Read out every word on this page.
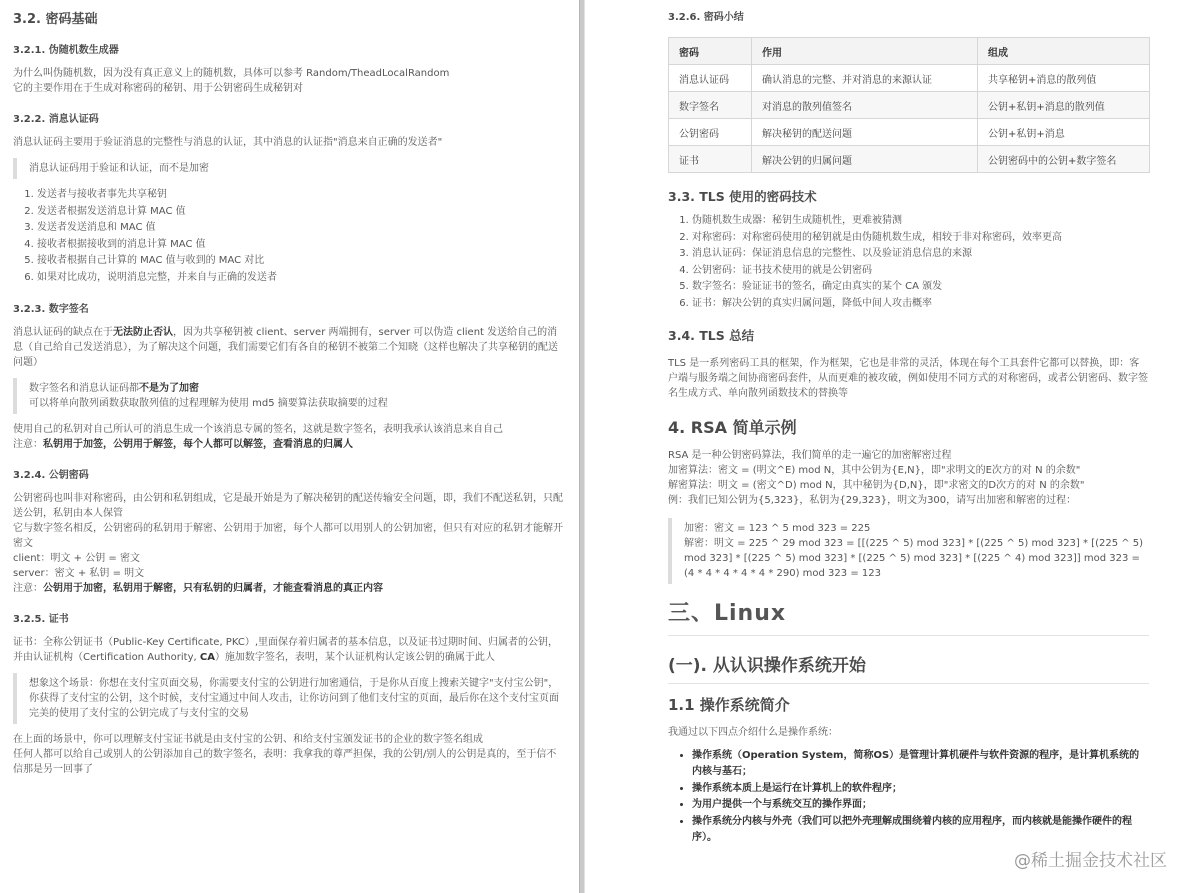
3.2. 密码基础
3.2.1. 伪随机数生成器

为什么叫伪随机数，因为没有真正意义上的随机数，具体可以参考 Random/TheadLocalRandom

它的主要作用在于生成对称密码的秘钥、用于公钥密码生成秘钥对

3.2.2. 消息认证码

消息认证码主要用于验证消息的完整性与消息的认证，其中消息的认证指"消息来自正确的发送者"

消息认证码用于验证和认证，而不是加密
1. 发送者与接收者事先共享秘钥
2. 发送者根据发送消息计算 MAC 值
3. 发送者发送消息和 MAC 值
4. 接收者根据接收到的消息计算 MAC 值
5. 接收者根据自己计算的 MAC 值与收到的 MAC 对比
6. 如果对比成功，说明消息完整，并来自与正确的发送者
3.2.3. 数字签名

消息认证码的缺点在于无法防止否认，因为共享秘钥被 client、server 两端拥有，server 可以伪造 client 发送给自己的消息（自己给自己发送消息），为了解决这个问题，我们需要它们有各自的秘钥不被第二个知晓（这样也解决了共享秘钥的配送问题）

数字签名和消息认证码都不是为了加密
可以将单向散列函数获取散列值的过程理解为使用 md5 摘要算法获取摘要的过程

使用自己的私钥对自己所认可的消息生成一个该消息专属的签名，这就是数字签名，表明我承认该消息来自自己

注意：私钥用于加签，公钥用于解签，每个人都可以解签，查看消息的归属人

3.2.4. 公钥密码

公钥密码也叫非对称密码，由公钥和私钥组成，它是最开始是为了解决秘钥的配送传输安全问题，即，我们不配送私钥，只配送公钥，私钥由本人保管

它与数字签名相反，公钥密码的私钥用于解密、公钥用于加密，每个人都可以用别人的公钥加密，但只有对应的私钥才能解开密文

client：明文 + 公钥 = 密文

server：密文 + 私钥 = 明文

注意：公钥用于加密，私钥用于解密，只有私钥的归属者，才能查看消息的真正内容

3.2.5. 证书

证书：全称公钥证书（Public-Key Certificate, PKC）,里面保存着归属者的基本信息，以及证书过期时间、归属者的公钥，并由认证机构（Certification Authority, CA）施加数字签名，表明，某个认证机构认定该公钥的确属于此人

想象这个场景：你想在支付宝页面交易，你需要支付宝的公钥进行加密通信，于是你从百度上搜索关键字"支付宝公钥"，你获得了支付宝的公钥，这个时候，支付宝通过中间人攻击，让你访问到了他们支付宝的页面，最后你在这个支付宝页面完美的使用了支付宝的公钥完成了与支付宝的交易

在上面的场景中，你可以理解支付宝证书就是由支付宝的公钥、和给支付宝颁发证书的企业的数字签名组成

任何人都可以给自己或别人的公钥添加自己的数字签名，表明：我拿我的尊严担保，我的公钥/别人的公钥是真的，至于信不信那是另一回事了

3.2.6. 密码小结
密码	作用	组成
消息认证码	确认消息的完整、并对消息的来源认证	共享秘钥+消息的散列值
数字签名	对消息的散列值签名	公钥+私钥+消息的散列值
公钥密码	解决秘钥的配送问题	公钥+私钥+消息
证书	解决公钥的归属问题	公钥密码中的公钥+数字签名
3.3. TLS 使用的密码技术
1. 伪随机数生成器：秘钥生成随机性，更难被猜测
2. 对称密码：对称密码使用的秘钥就是由伪随机数生成，相较于非对称密码，效率更高
3. 消息认证码：保证消息信息的完整性、以及验证消息信息的来源
4. 公钥密码：证书技术使用的就是公钥密码
5. 数字签名：验证证书的签名，确定由真实的某个 CA 颁发
6. 证书：解决公钥的真实归属问题，降低中间人攻击概率
3.4. TLS 总结

TLS 是一系列密码工具的框架，作为框架，它也是非常的灵活，体现在每个工具套件它都可以替换，即：客户端与服务端之间协商密码套件，从而更难的被攻破，例如使用不同方式的对称密码，或者公钥密码、数字签名生成方式、单向散列函数技术的替换等

4. RSA 简单示例

RSA 是一种公钥密码算法，我们简单的走一遍它的加密解密过程

加密算法：密文 = (明文^E) mod N，其中公钥为{E,N}，即"求明文的E次方的对 N 的余数"

解密算法：明文 = (密文^D) mod N，其中秘钥为{D,N}，即"求密文的D次方的对 N 的余数"

例：我们已知公钥为{5,323}，私钥为{29,323}，明文为300，请写出加密和解密的过程：

加密：密文 = 123 ^ 5 mod 323 = 225
解密：明文 = 225 ^ 29 mod 323 = [[(225 ^ 5) mod 323] * [(225 ^ 5) mod 323] * [(225 ^ 5) mod 323] * [(225 ^ 5) mod 323] * [(225 ^ 5) mod 323] * [(225 ^ 4) mod 323]] mod 323 = (4 * 4 * 4 * 4 * 4 * 290) mod 323 = 123
三、Linux
(一). 从认识操作系统开始
1.1 操作系统简介

我通过以下四点介绍什么是操作系统：

• 操作系统（Operation System，简称OS）是管理计算机硬件与软件资源的程序，是计算机系统的内核与基石；
• 操作系统本质上是运行在计算机上的软件程序；
• 为用户提供一个与系统交互的操作界面；
• 操作系统分内核与外壳（我们可以把外壳理解成围绕着内核的应用程序，而内核就是能操作硬件的程序）。
@稀土掘金技术社区
